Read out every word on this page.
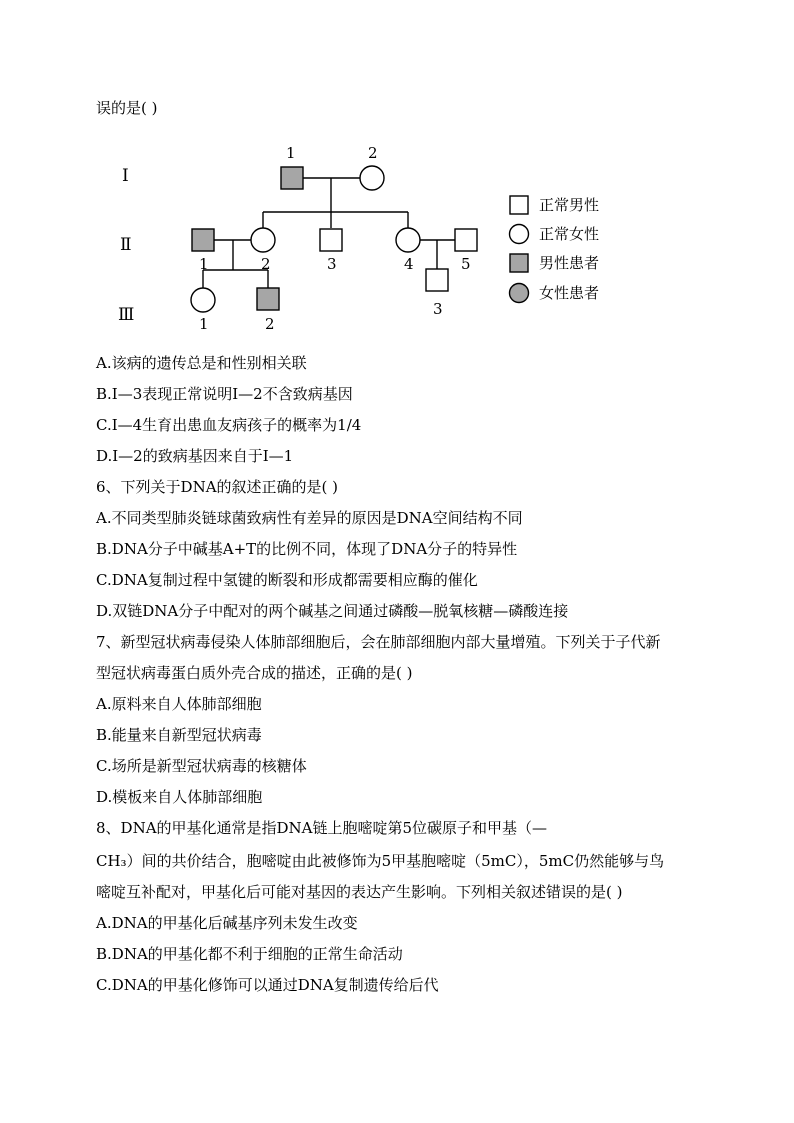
误的是( )
Ⅰ
Ⅱ
Ⅲ
1	2
1	2	3	4	5
1	2
3
正常男性
正常女性
男性患者
女性患者
A.该病的遗传总是和性别相关联
B.Ⅰ—3表现正常说明Ⅰ—2不含致病基因
C.Ⅰ—4生育出患血友病孩子的概率为1/4
D.Ⅰ—2的致病基因来自于Ⅰ—1
6、下列关于DNA的叙述正确的是( )
A.不同类型肺炎链球菌致病性有差异的原因是DNA空间结构不同
B.DNA分子中碱基A+T的比例不同，体现了DNA分子的特异性
C.DNA复制过程中氢键的断裂和形成都需要相应酶的催化
D.双链DNA分子中配对的两个碱基之间通过磷酸—脱氧核糖—磷酸连接
7、新型冠状病毒侵染人体肺部细胞后，会在肺部细胞内部大量增殖。下列关于子代新
型冠状病毒蛋白质外壳合成的描述，正确的是( )
A.原料来自人体肺部细胞
B.能量来自新型冠状病毒
C.场所是新型冠状病毒的核糖体
D.模板来自人体肺部细胞
8、DNA的甲基化通常是指DNA链上胞嘧啶第5位碳原子和甲基（—
CH₃）间的共价结合，胞嘧啶由此被修饰为5甲基胞嘧啶（5mC），5mC仍然能够与鸟
嘧啶互补配对，甲基化后可能对基因的表达产生影响。下列相关叙述错误的是( )
A.DNA的甲基化后碱基序列未发生改变
B.DNA的甲基化都不利于细胞的正常生命活动
C.DNA的甲基化修饰可以通过DNA复制遗传给后代
